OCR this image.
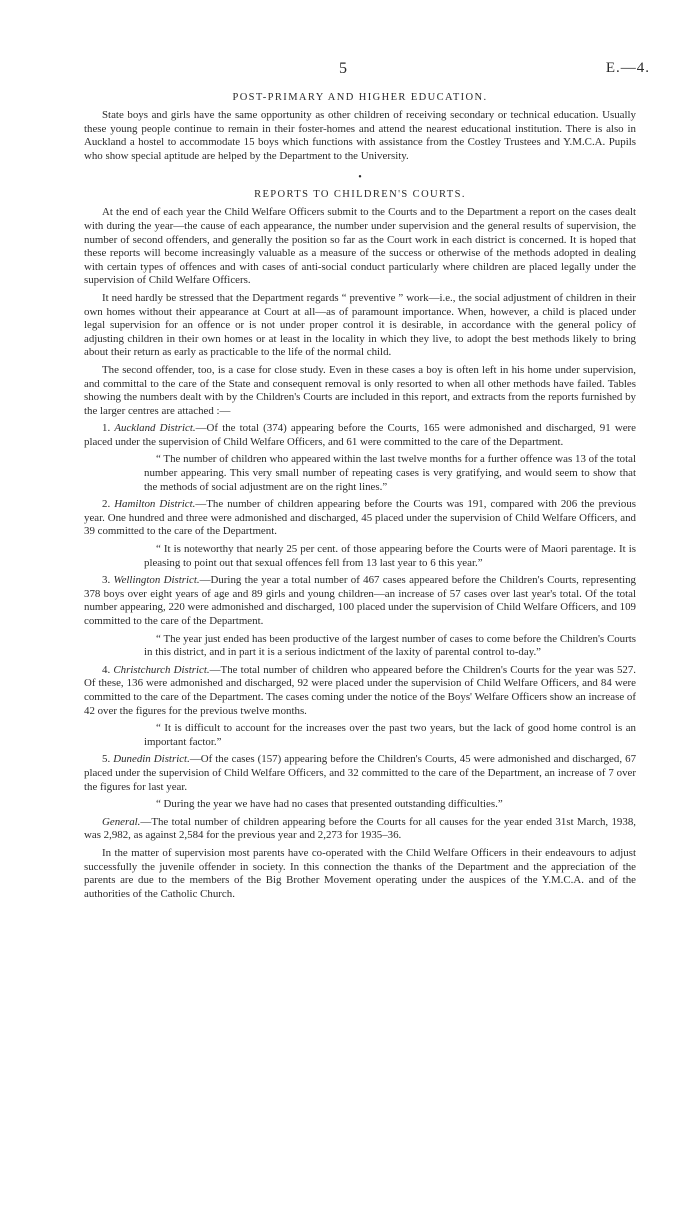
5	E.—4.
POST-PRIMARY AND HIGHER EDUCATION.

State boys and girls have the same opportunity as other children of receiving secondary or technical education. Usually these young people continue to remain in their foster-homes and attend the nearest educational institution. There is also in Auckland a hostel to accommodate 15 boys which functions with assistance from the Costley Trustees and Y.M.C.A. Pupils who show special aptitude are helped by the Department to the University.

•
REPORTS TO CHILDREN'S COURTS.

At the end of each year the Child Welfare Officers submit to the Courts and to the Department a report on the cases dealt with during the year—the cause of each appearance, the number under supervision and the general results of supervision, the number of second offenders, and generally the position so far as the Court work in each district is concerned. It is hoped that these reports will become increasingly valuable as a measure of the success or otherwise of the methods adopted in dealing with certain types of offences and with cases of anti-social conduct particularly where children are placed legally under the supervision of Child Welfare Officers.

It need hardly be stressed that the Department regards “ preventive ” work—i.e., the social adjustment of children in their own homes without their appearance at Court at all—as of paramount importance. When, however, a child is placed under legal supervision for an offence or is not under proper control it is desirable, in accordance with the general policy of adjusting children in their own homes or at least in the locality in which they live, to adopt the best methods likely to bring about their return as early as practicable to the life of the normal child.

The second offender, too, is a case for close study. Even in these cases a boy is often left in his home under supervision, and committal to the care of the State and consequent removal is only resorted to when all other methods have failed. Tables showing the numbers dealt with by the Children's Courts are included in this report, and extracts from the reports furnished by the larger centres are attached :—

1. Auckland District.—Of the total (374) appearing before the Courts, 165 were admonished and discharged, 91 were placed under the supervision of Child Welfare Officers, and 61 were committed to the care of the Department.

“ The number of children who appeared within the last twelve months for a further offence was 13 of the total number appearing. This very small number of repeating cases is very gratifying, and would seem to show that the methods of social adjustment are on the right lines.”

2. Hamilton District.—The number of children appearing before the Courts was 191, compared with 206 the previous year. One hundred and three were admonished and discharged, 45 placed under the supervision of Child Welfare Officers, and 39 committed to the care of the Department.

“ It is noteworthy that nearly 25 per cent. of those appearing before the Courts were of Maori parentage. It is pleasing to point out that sexual offences fell from 13 last year to 6 this year.”

3. Wellington District.—During the year a total number of 467 cases appeared before the Children's Courts, representing 378 boys over eight years of age and 89 girls and young children—an increase of 57 cases over last year's total. Of the total number appearing, 220 were admonished and discharged, 100 placed under the supervision of Child Welfare Officers, and 109 committed to the care of the Department.

“ The year just ended has been productive of the largest number of cases to come before the Children's Courts in this district, and in part it is a serious indictment of the laxity of parental control to-day.”

4. Christchurch District.—The total number of children who appeared before the Children's Courts for the year was 527. Of these, 136 were admonished and discharged, 92 were placed under the supervision of Child Welfare Officers, and 84 were committed to the care of the Department. The cases coming under the notice of the Boys' Welfare Officers show an increase of 42 over the figures for the previous twelve months.

“ It is difficult to account for the increases over the past two years, but the lack of good home control is an important factor.”

5. Dunedin District.—Of the cases (157) appearing before the Children's Courts, 45 were admonished and discharged, 67 placed under the supervision of Child Welfare Officers, and 32 committed to the care of the Department, an increase of 7 over the figures for last year.

“ During the year we have had no cases that presented outstanding difficulties.”

General.—The total number of children appearing before the Courts for all causes for the year ended 31st March, 1938, was 2,982, as against 2,584 for the previous year and 2,273 for 1935–36.

In the matter of supervision most parents have co-operated with the Child Welfare Officers in their endeavours to adjust successfully the juvenile offender in society. In this connection the thanks of the Department and the appreciation of the parents are due to the members of the Big Brother Movement operating under the auspices of the Y.M.C.A. and of the authorities of the Catholic Church.
